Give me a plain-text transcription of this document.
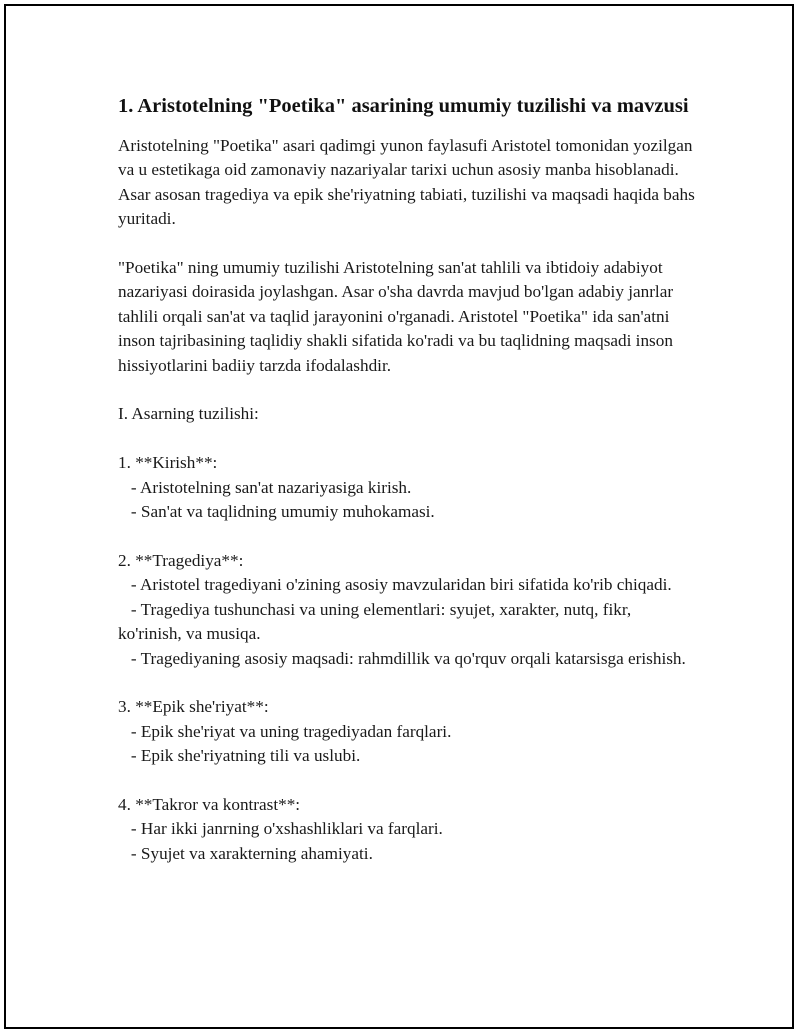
1. Aristotelning "Poetika" asarining umumiy tuzilishi va mavzusi
Aristotelning "Poetika" asari qadimgi yunon faylasufi Aristotel tomonidan yozilgan va u estetikaga oid zamonaviy nazariyalar tarixi uchun asosiy manba hisoblanadi. Asar asosan tragediya va epik she'riyatning tabiati, tuzilishi va maqsadi haqida bahs yuritadi.

"Poetika" ning umumiy tuzilishi Aristotelning san'at tahlili va ibtidoiy adabiyot nazariyasi doirasida joylashgan. Asar o'sha davrda mavjud bo'lgan adabiy janrlar tahlili orqali san'at va taqlid jarayonini o'rganadi. Aristotel "Poetika" ida san'atni inson tajribasining taqlidiy shakli sifatida ko'radi va bu taqlidning maqsadi inson hissiyotlarini badiiy tarzda ifodalashdir.

I. Asarning tuzilishi:

1. **Kirish**:
- Aristotelning san'at nazariyasiga kirish.
- San'at va taqlidning umumiy muhokamasi.

2. **Tragediya**:
- Aristotel tragediyani o'zining asosiy mavzularidan biri sifatida ko'rib chiqadi.
- Tragediya tushunchasi va uning elementlari: syujet, xarakter, nutq, fikr, ko'rinish, va musiqa.
- Tragediyaning asosiy maqsadi: rahmdillik va qo'rquv orqali katarsisga erishish.

3. **Epik she'riyat**:
- Epik she'riyat va uning tragediyadan farqlari.
- Epik she'riyatning tili va uslubi.

4. **Takror va kontrast**:
- Har ikki janrning o'xshashliklari va farqlari.
- Syujet va xarakterning ahamiyati.
